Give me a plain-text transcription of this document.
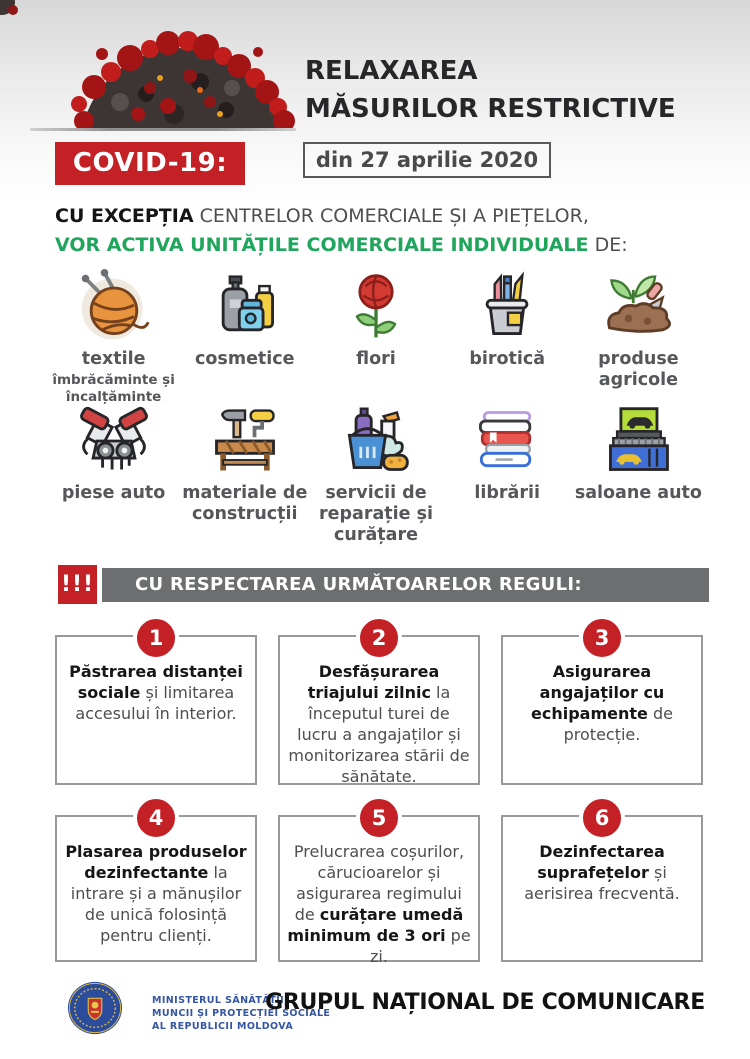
RELAXAREA
MĂSURILOR RESTRICTIVE
COVID-19:	din 27 aprilie 2020
CU EXCEPȚIA CENTRELOR COMERCIALE ȘI A PIEȚELOR,
VOR ACTIVA UNITĂȚILE COMERCIALE INDIVIDUALE DE:
textile
îmbrăcăminte și încalțăminte
cosmetice	flori	birotică	produse agricole
piese auto materiale de construcții
servicii de reparație și curățare
librării	saloane auto
!!!	CU RESPECTAREA URMĂTOARELOR REGULI:
1
Păstrarea distanței sociale și limitarea accesului în interior.
2
Desfășurarea triajului zilnic la începutul turei de lucru a angajaților și monitorizarea stării de sănătate.
3
Asigurarea angajaților cu echipamente de protecție.
4
Plasarea produselor dezinfectante la intrare și a mănușilor de unică folosință pentru clienți.
5
Prelucrarea coșurilor, cărucioarelor și asigurarea regimului de curățare umedă minimum de 3 ori pe zi.
6
Dezinfectarea suprafețelor și aerisirea frecventă.
MINISTERUL SĂNĂTĂȚII,
MUNCII ȘI PROTECȚIEI SOCIALE
AL REPUBLICII MOLDOVA
GRUPUL NAȚIONAL DE COMUNICARE
